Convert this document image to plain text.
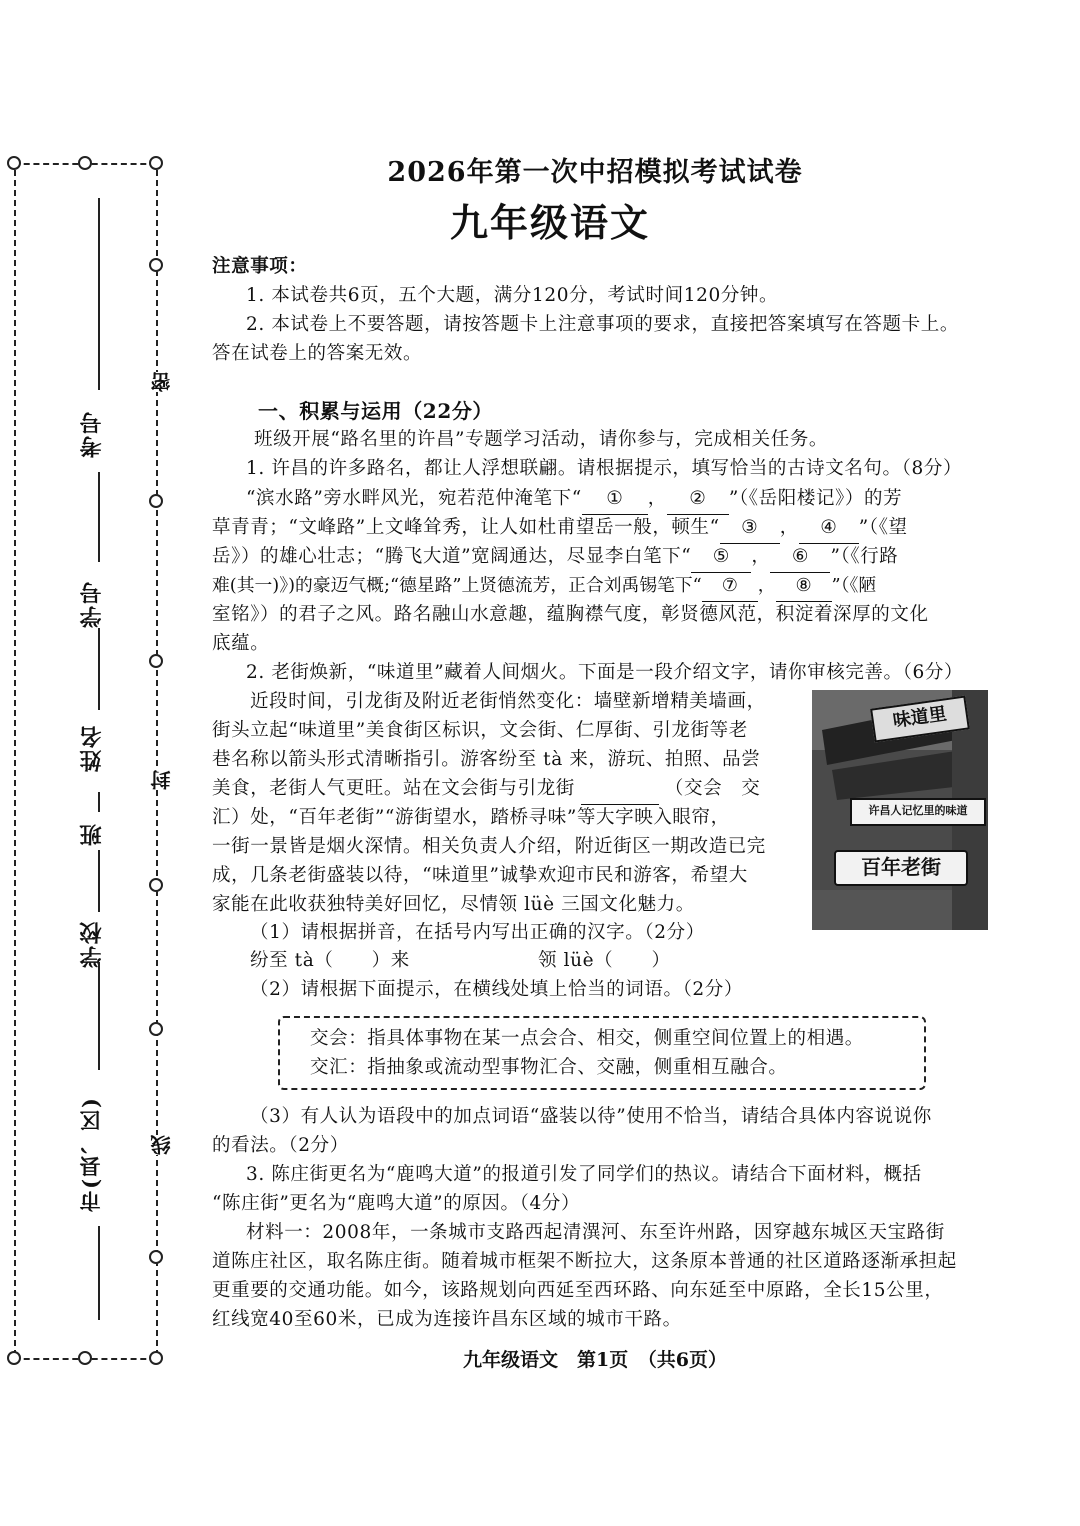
密
封
线
考号
学号
姓名
班
学校
市(县、区)
2026年第一次中招模拟考试试卷
九年级语文
注意事项：
1. 本试卷共6页，五个大题，满分120分，考试时间120分钟。
2. 本试卷上不要答题，请按答题卡上注意事项的要求，直接把答案填写在答题卡上。
答在试卷上的答案无效。
一、积累与运用（22分）
班级开展“路名里的许昌”专题学习活动，请你参与，完成相关任务。
1. 许昌的许多路名，都让人浮想联翩。请根据提示，填写恰当的古诗文名句。（8分）
“滨水路”旁水畔风光，宛若范仲淹笔下“ ① ， ② ”（《岳阳楼记》）的芳
草青青；“文峰路”上文峰耸秀，让人如杜甫望岳一般，顿生“ ③ ， ④ ”（《望
岳》）的雄心壮志；“腾飞大道”宽阔通达，尽显李白笔下“ ⑤ ， ⑥ ”（《行路
难(其一)》)的豪迈气概;“德星路”上贤德流芳，正合刘禹锡笔下“ ⑦ ， ⑧ ”（《陋
室铭》）的君子之风。路名融山水意趣，蕴胸襟气度，彰贤德风范，积淀着深厚的文化
底蕴。
2. 老街焕新，“味道里”藏着人间烟火。下面是一段介绍文字，请你审核完善。（6分）
近段时间，引龙街及附近老街悄然变化：墙壁新增精美墙画，
街头立起“味道里”美食街区标识，文会街、仁厚街、引龙街等老
巷名称以箭头形式清晰指引。游客纷至 tà 来，游玩、拍照、品尝
美食，老街人气更旺。站在文会街与引龙街	（交会　交
汇）处，“百年老街”“游街望水，踏桥寻味”等大字映入眼帘，
一街一景皆是烟火深情。相关负责人介绍，附近街区一期改造已完
成，几条老街盛装以待，“味道里”诚挚欢迎市民和游客，希望大
家能在此收获独特美好回忆，尽情领 lüè 三国文化魅力。
味道里
许昌人记忆里的味道
百年老街
（1）请根据拼音，在括号内写出正确的汉字。（2分）
纷至 tà（　　）来	领 lüè（　　）
（2）请根据下面提示，在横线处填上恰当的词语。（2分）
交会：指具体事物在某一点会合、相交，侧重空间位置上的相遇。
交汇：指抽象或流动型事物汇合、交融，侧重相互融合。
（3）有人认为语段中的加点词语“盛装以待”使用不恰当，请结合具体内容说说你
的看法。（2分）
3. 陈庄街更名为“鹿鸣大道”的报道引发了同学们的热议。请结合下面材料，概括
“陈庄街”更名为“鹿鸣大道”的原因。（4分）
材料一：2008年，一条城市支路西起清潩河、东至许州路，因穿越东城区天宝路街
道陈庄社区，取名陈庄街。随着城市框架不断拉大，这条原本普通的社区道路逐渐承担起
更重要的交通功能。如今，该路规划向西延至西环路、向东延至中原路，全长15公里，
红线宽40至60米，已成为连接许昌东区域的城市干路。
九年级语文　第1页　（共6页）
